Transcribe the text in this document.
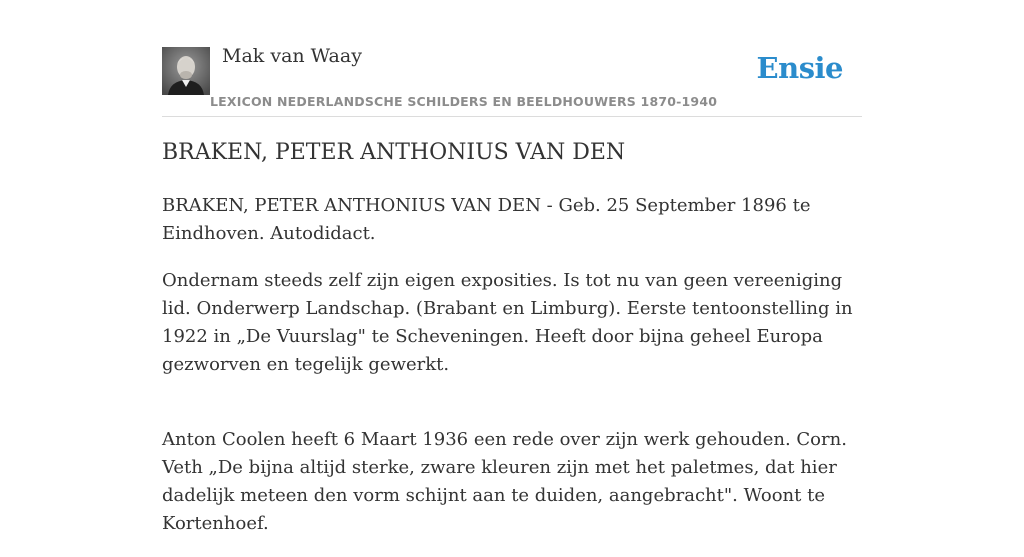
Mak van Waay
LEXICON NEDERLANDSCHE SCHILDERS EN BEELDHOUWERS 1870-1940
Ensie
BRAKEN, PETER ANTHONIUS VAN DEN

BRAKEN, PETER ANTHONIUS VAN DEN - Geb. 25 September 1896 te Eindhoven. Autodidact.

Ondernam steeds zelf zijn eigen exposities. Is tot nu van geen vereeniging lid. Onderwerp Landschap. (Brabant en Limburg). Eerste tentoonstelling in 1922 in „De Vuurslag" te Scheveningen. Heeft door bijna geheel Europa gezworven en tegelijk gewerkt.

Anton Coolen heeft 6 Maart 1936 een rede over zijn werk gehouden. Corn. Veth „De bijna altijd sterke, zware kleuren zijn met het paletmes, dat hier dadelijk meteen den vorm schijnt aan te duiden, aangebracht". Woont te Kortenhoef.
